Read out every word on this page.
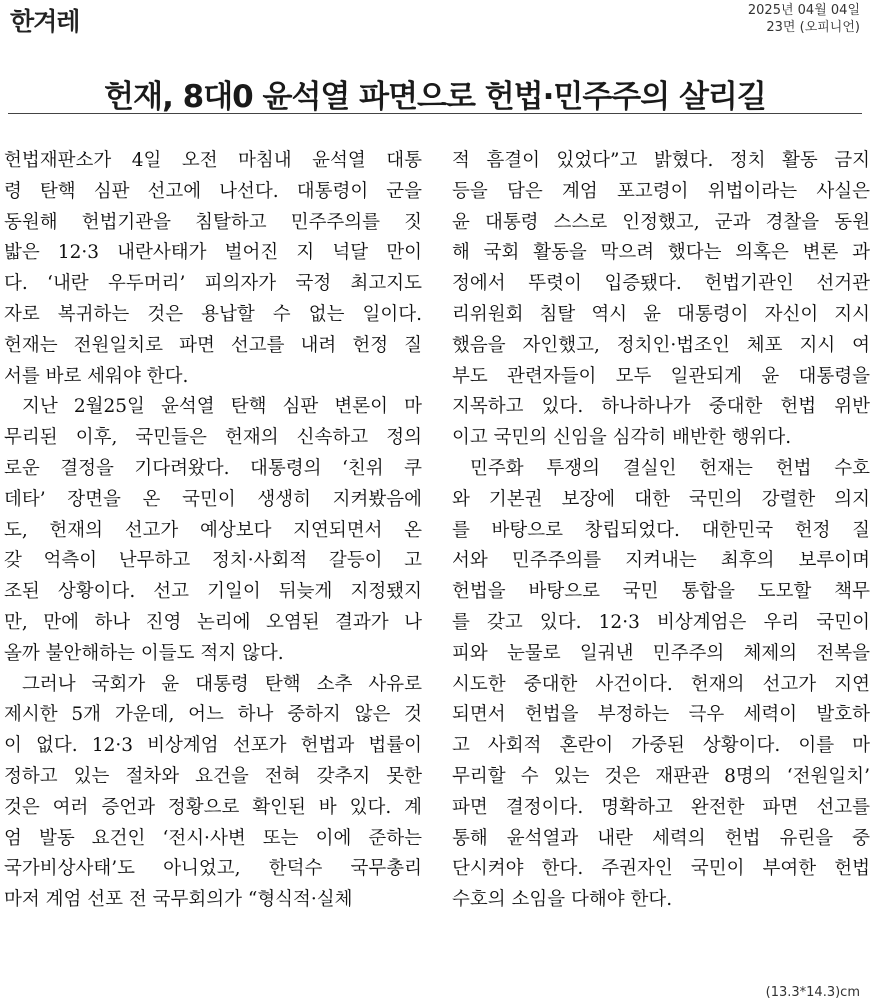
한겨레	2025년 04월 04일
23면 (오피니언)
헌재, 8대0 윤석열 파면으로 헌법·민주주의 살리길
헌법재판소가 4일 오전 마침내 윤석열 대통
령 탄핵 심판 선고에 나선다. 대통령이 군을
동원해 헌법기관을 침탈하고 민주주의를 짓
밟은 12·3 내란사태가 벌어진 지 넉달 만이
다. ‘내란 우두머리’ 피의자가 국정 최고지도
자로 복귀하는 것은 용납할 수 없는 일이다.
헌재는 전원일치로 파면 선고를 내려 헌정 질
서를 바로 세워야 한다.
지난 2월25일 윤석열 탄핵 심판 변론이 마
무리된 이후, 국민들은 헌재의 신속하고 정의
로운 결정을 기다려왔다. 대통령의 ‘친위 쿠
데타’ 장면을 온 국민이 생생히 지켜봤음에
도, 헌재의 선고가 예상보다 지연되면서 온
갖 억측이 난무하고 정치·사회적 갈등이 고
조된 상황이다. 선고 기일이 뒤늦게 지정됐지
만, 만에 하나 진영 논리에 오염된 결과가 나
올까 불안해하는 이들도 적지 않다.
그러나 국회가 윤 대통령 탄핵 소추 사유로
제시한 5개 가운데, 어느 하나 중하지 않은 것
이 없다. 12·3 비상계엄 선포가 헌법과 법률이
정하고 있는 절차와 요건을 전혀 갖추지 못한
것은 여러 증언과 정황으로 확인된 바 있다. 계
엄 발동 요건인 ‘전시·사변 또는 이에 준하는
국가비상사태’도 아니었고, 한덕수 국무총리
마저 계엄 선포 전 국무회의가 “형식적·실체
적 흠결이 있었다”고 밝혔다. 정치 활동 금지
등을 담은 계엄 포고령이 위법이라는 사실은
윤 대통령 스스로 인정했고, 군과 경찰을 동원
해 국회 활동을 막으려 했다는 의혹은 변론 과
정에서 뚜렷이 입증됐다. 헌법기관인 선거관
리위원회 침탈 역시 윤 대통령이 자신이 지시
했음을 자인했고, 정치인·법조인 체포 지시 여
부도 관련자들이 모두 일관되게 윤 대통령을
지목하고 있다. 하나하나가 중대한 헌법 위반
이고 국민의 신임을 심각히 배반한 행위다.
민주화 투쟁의 결실인 헌재는 헌법 수호
와 기본권 보장에 대한 국민의 강렬한 의지
를 바탕으로 창립되었다. 대한민국 헌정 질
서와 민주주의를 지켜내는 최후의 보루이며
헌법을 바탕으로 국민 통합을 도모할 책무
를 갖고 있다. 12·3 비상계엄은 우리 국민이
피와 눈물로 일궈낸 민주주의 체제의 전복을
시도한 중대한 사건이다. 헌재의 선고가 지연
되면서 헌법을 부정하는 극우 세력이 발호하
고 사회적 혼란이 가중된 상황이다. 이를 마
무리할 수 있는 것은 재판관 8명의 ‘전원일치’
파면 결정이다. 명확하고 완전한 파면 선고를
통해 윤석열과 내란 세력의 헌법 유린을 중
단시켜야 한다. 주권자인 국민이 부여한 헌법
수호의 소임을 다해야 한다.
(13.3*14.3)cm
